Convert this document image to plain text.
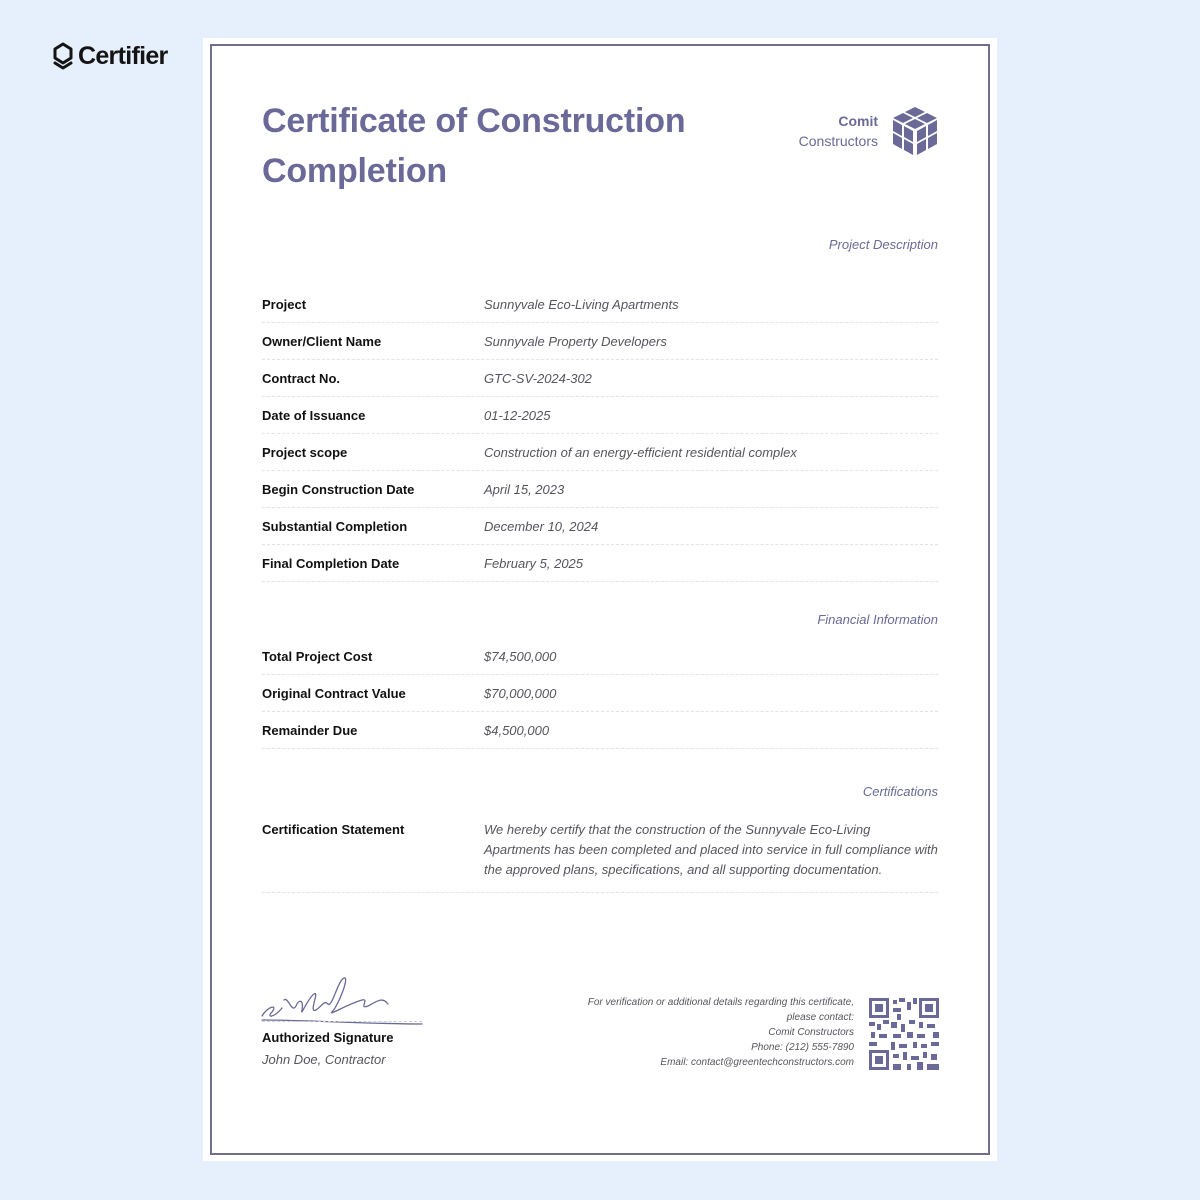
Certifier
Certificate of Construction Completion
Comit
Constructors
Project Description
Project	Sunnyvale Eco-Living Apartments
Owner/Client Name	Sunnyvale Property Developers
Contract No.	GTC-SV-2024-302
Date of Issuance	01-12-2025
Project scope	Construction of an energy-efficient residential complex
Begin Construction Date	April 15, 2023
Substantial Completion	December 10, 2024
Final Completion Date	February 5, 2025
Financial Information
Total Project Cost	$74,500,000
Original Contract Value	$70,000,000
Remainder Due	$4,500,000
Certifications
Certification Statement	We hereby certify that the construction of the Sunnyvale Eco-Living Apartments has been completed and placed into service in full compliance with the approved plans, specifications, and all supporting documentation.
Authorized Signature
John Doe, Contractor
For verification or additional details regarding this certificate,
please contact:
Comit Constructors
Phone: (212) 555-7890
Email: contact@greentechconstructors.com
